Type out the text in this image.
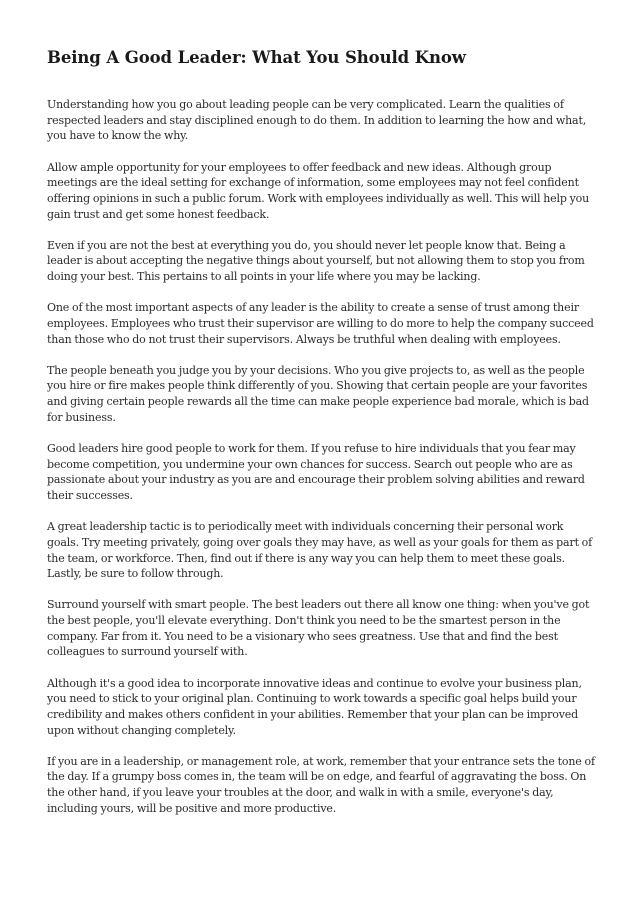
Being A Good Leader: What You Should Know

Understanding how you go about leading people can be very complicated. Learn the qualities of respected leaders and stay disciplined enough to do them. In addition to learning the how and what, you have to know the why.

Allow ample opportunity for your employees to offer feedback and new ideas. Although group meetings are the ideal setting for exchange of information, some employees may not feel confident offering opinions in such a public forum. Work with employees individually as well. This will help you gain trust and get some honest feedback.

Even if you are not the best at everything you do, you should never let people know that. Being a leader is about accepting the negative things about yourself, but not allowing them to stop you from doing your best. This pertains to all points in your life where you may be lacking.

One of the most important aspects of any leader is the ability to create a sense of trust among their employees. Employees who trust their supervisor are willing to do more to help the company succeed than those who do not trust their supervisors. Always be truthful when dealing with employees.

The people beneath you judge you by your decisions. Who you give projects to, as well as the people you hire or fire makes people think differently of you. Showing that certain people are your favorites and giving certain people rewards all the time can make people experience bad morale, which is bad for business.

Good leaders hire good people to work for them. If you refuse to hire individuals that you fear may become competition, you undermine your own chances for success. Search out people who are as passionate about your industry as you are and encourage their problem solving abilities and reward their successes.

A great leadership tactic is to periodically meet with individuals concerning their personal work goals. Try meeting privately, going over goals they may have, as well as your goals for them as part of the team, or workforce. Then, find out if there is any way you can help them to meet these goals. Lastly, be sure to follow through.

Surround yourself with smart people. The best leaders out there all know one thing: when you've got the best people, you'll elevate everything. Don't think you need to be the smartest person in the company. Far from it. You need to be a visionary who sees greatness. Use that and find the best colleagues to surround yourself with.

Although it's a good idea to incorporate innovative ideas and continue to evolve your business plan, you need to stick to your original plan. Continuing to work towards a specific goal helps build your credibility and makes others confident in your abilities. Remember that your plan can be improved upon without changing completely.

If you are in a leadership, or management role, at work, remember that your entrance sets the tone of the day. If a grumpy boss comes in, the team will be on edge, and fearful of aggravating the boss. On the other hand, if you leave your troubles at the door, and walk in with a smile, everyone's day, including yours, will be positive and more productive.
